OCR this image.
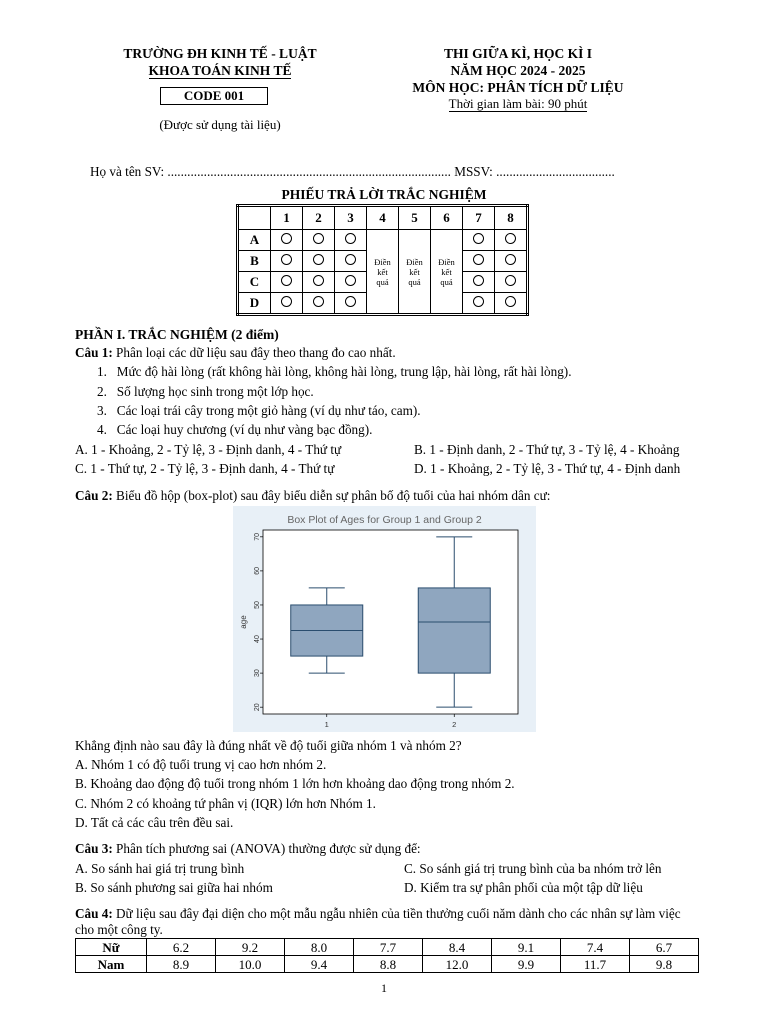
TRƯỜNG ĐH KINH TẾ - LUẬT
KHOA TOÁN KINH TẾ
CODE 001
(Được sử dụng tài liệu)
THI GIỮA KÌ, HỌC KÌ I
NĂM HỌC 2024 - 2025
MÔN HỌC: PHÂN TÍCH DỮ LIỆU
Thời gian làm bài: 90 phút
Họ và tên SV: ...................................................................................... MSSV: ....................................
PHIẾU TRẢ LỜI TRẮC NGHIỆM
	1	2	3	4	5	6	7	8
A				Điền
kết
quả	Điền
kết
quả	Điền
kết
quả		

B								
C								
D								
PHẦN I. TRẮC NGHIỆM (2 điểm)
Câu 1: Phân loại các dữ liệu sau đây theo thang đo cao nhất.
1.   Mức độ hài lòng (rất không hài lòng, không hài lòng, trung lập, hài lòng, rất hài lòng).
2.   Số lượng học sinh trong một lớp học.
3.   Các loại trái cây trong một giỏ hàng (ví dụ như táo, cam).
4.   Các loại huy chương (ví dụ như vàng bạc đồng).
A. 1 - Khoảng, 2 - Tỷ lệ, 3 - Định danh, 4 - Thứ tự	B. 1 - Định danh, 2 - Thứ tự, 3 - Tỷ lệ, 4 - Khoảng
C. 1 - Thứ tự, 2 - Tỷ lệ, 3 - Định danh, 4 - Thứ tự	D. 1 - Khoảng, 2 - Tỷ lệ, 3 - Thứ tự, 4 - Định danh
Câu 2: Biểu đồ hộp (box-plot) sau đây biểu diễn sự phân bố độ tuổi của hai nhóm dân cư:
Box Plot of Ages for Group 1 and Group 2
20
30
40
50
60
70
age
1	2
Khẳng định nào sau đây là đúng nhất về độ tuổi giữa nhóm 1 và nhóm 2?
A. Nhóm 1 có độ tuổi trung vị cao hơn nhóm 2.
B. Khoảng dao động độ tuổi trong nhóm 1 lớn hơn khoảng dao động trong nhóm 2.
C. Nhóm 2 có khoảng tứ phân vị (IQR) lớn hơn Nhóm 1.
D. Tất cả các câu trên đều sai.
Câu 3: Phân tích phương sai (ANOVA) thường được sử dụng để:
A. So sánh hai giá trị trung bình	C. So sánh giá trị trung bình của ba nhóm trở lên
B. So sánh phương sai giữa hai nhóm	D. Kiểm tra sự phân phối của một tập dữ liệu
Câu 4: Dữ liệu sau đây đại diện cho một mẫu ngẫu nhiên của tiền thưởng cuối năm dành cho các nhân sự làm việc cho một công ty.
Nữ	6.2	9.2	8.0	7.7	8.4	9.1	7.4	6.7
Nam	8.9	10.0	9.4	8.8	12.0	9.9	11.7	9.8
1
